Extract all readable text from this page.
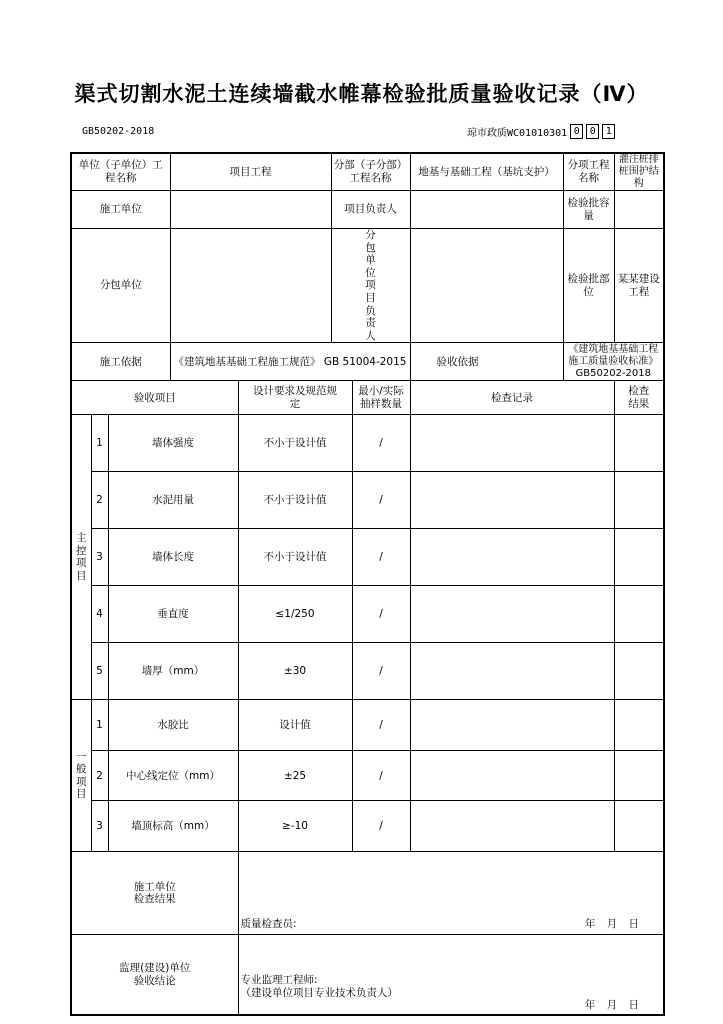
渠式切割水泥土连续墙截水帷幕检验批质量验收记录（Ⅳ）
GB50202-2018	琼市政质WC01010301 0 0 1
单位（子单位）工程名称			项目工程		分部（子分部）工程名称		地基与基础工程（基坑支护）	分项工程名称	灌注桩排桩围护结构
施工单位					项目负责人			检验批容量	
分包单位					分包单位项目负责人			检验批部位	某某建设工程
施工依据			《建筑地基基础工程施工规范》 GB 51004-2015				验收依据	《建筑地基基础工程施工质量验收标准》GB50202-2018	
验收项目				设计要求及规范规定		最小/实际抽样数量	检查记录		检查结果
主
控
项
目	1	墙体强度		不小于设计值		/			
	2	水泥用量		不小于设计值		/			
	3	墙体长度		不小于设计值		/			
	4	垂直度		≤1/250		/			
	5	墙厚（mm）		±30		/			
一
般
项
目	1	水胶比		设计值		/			
	2	中心线定位（mm）		±25		/			
	3	墙顶标高（mm）		≥-10		/			
施工单位
检查结果				质量检查员: 年 月 日					

监理(建设)单位
验收结论				专业监理工程师:
（建设单位项目专业技术负责人）
年 月 日					
